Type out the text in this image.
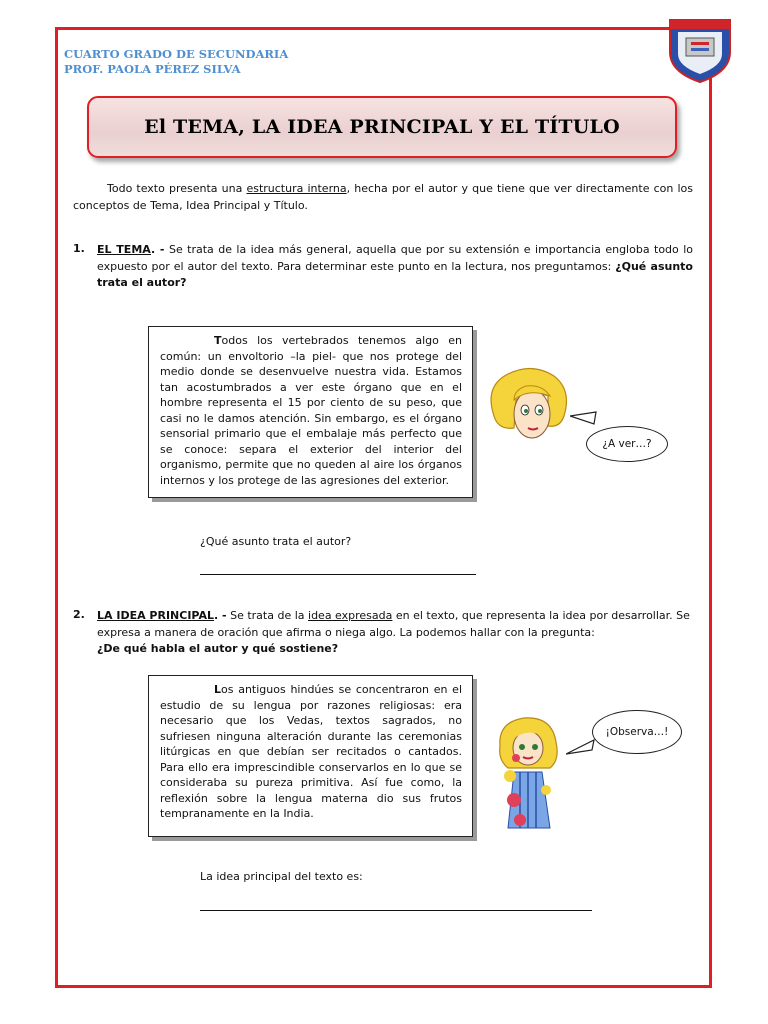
CUARTO GRADO DE SECUNDARIA
PROF. PAOLA PÉREZ SILVA
El TEMA, LA IDEA PRINCIPAL Y EL TÍTULO
Todo texto presenta una estructura interna, hecha por el autor y que tiene que ver directamente con los conceptos de Tema, Idea Principal y Título.
1. EL TEMA. - Se trata de la idea más general, aquella que por su extensión e importancia engloba todo lo expuesto por el autor del texto. Para determinar este punto en la lectura, nos preguntamos: ¿Qué asunto trata el autor?
Todos los vertebrados tenemos algo en común: un envoltorio –la piel- que nos protege del medio donde se desenvuelve nuestra vida. Estamos tan acostumbrados a ver este órgano que en el hombre representa el 15 por ciento de su peso, que casi no le damos atención. Sin embargo, es el órgano sensorial primario que el embalaje más perfecto que se conoce: separa el exterior del interior del organismo, permite que no queden al aire los órganos internos y los protege de las agresiones del exterior.
¿A ver…?
¿Qué asunto trata el autor?
2. LA IDEA PRINCIPAL. - Se trata de la idea expresada en el texto, que representa la idea por desarrollar. Se expresa a manera de oración que afirma o niega algo. La podemos hallar con la pregunta:
¿De qué habla el autor y qué sostiene?
Los antiguos hindúes se concentraron en el estudio de su lengua por razones religiosas: era necesario que los Vedas, textos sagrados, no sufriesen ninguna alteración durante las ceremonias litúrgicas en que debían ser recitados o cantados. Para ello era imprescindible conservarlos en lo que se consideraba su pureza primitiva. Así fue como, la reflexión sobre la lengua materna dio sus frutos tempranamente en la India.
¡Observa…!
La idea principal del texto es:
